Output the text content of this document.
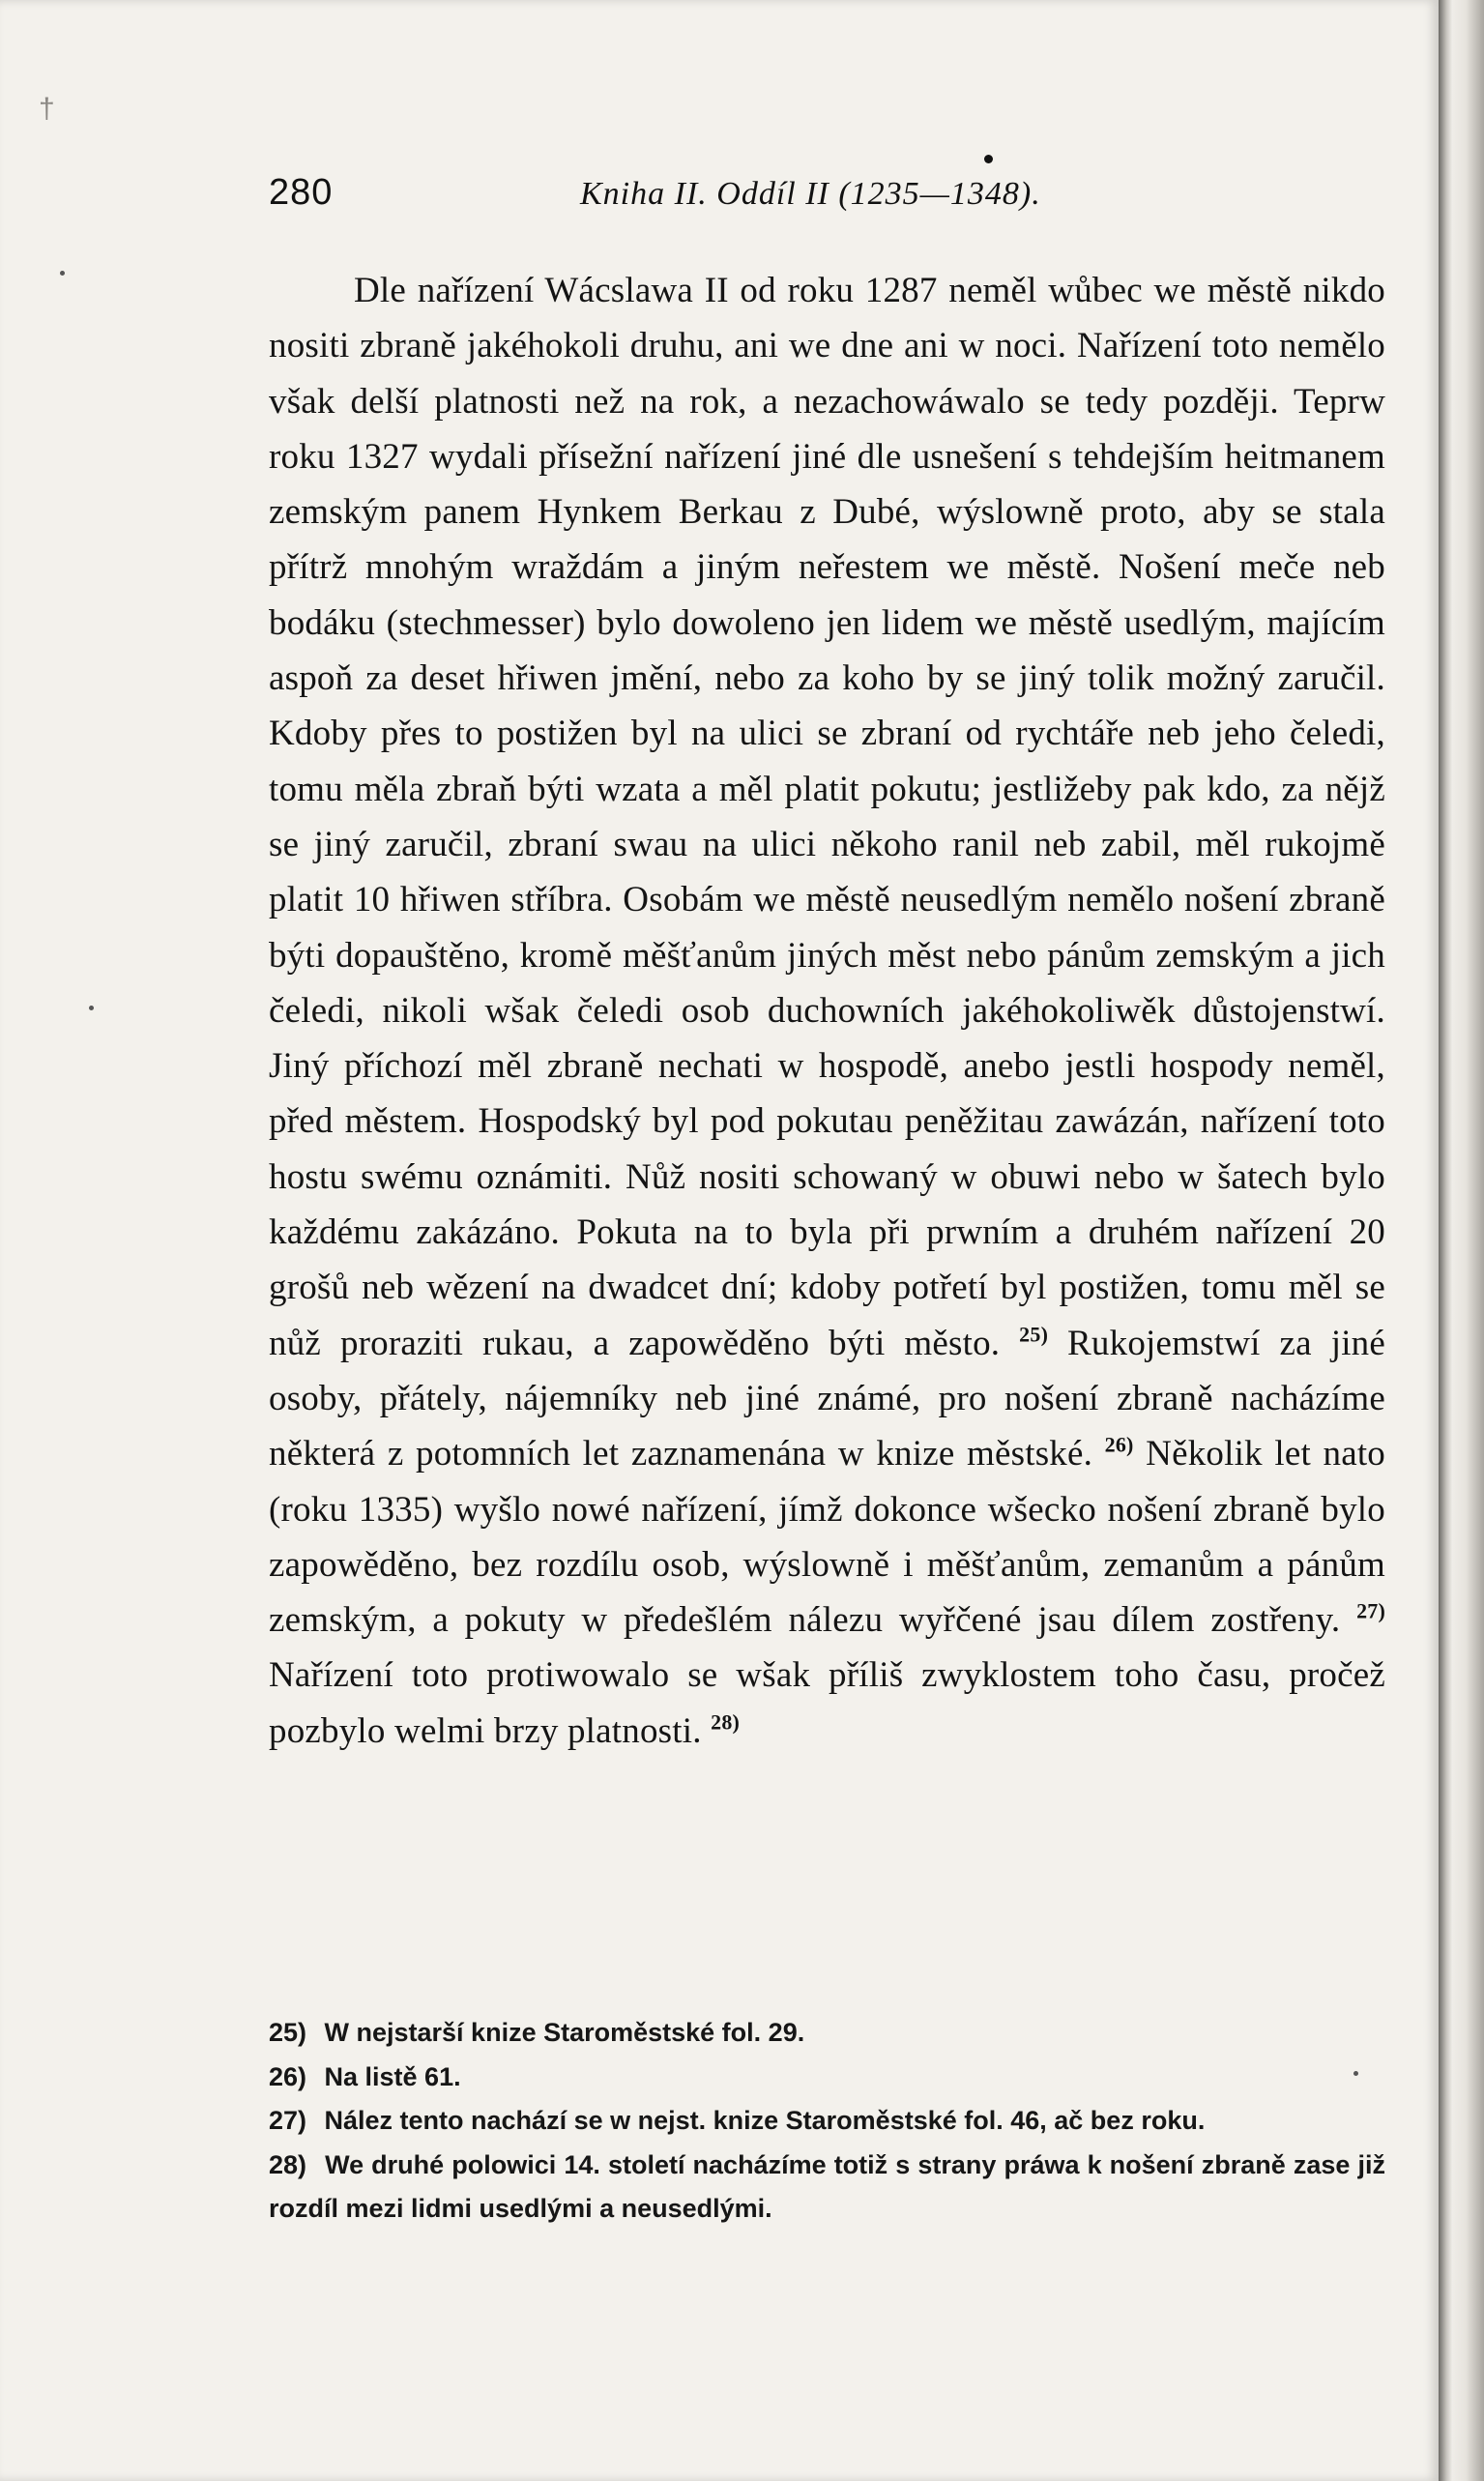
†
280	Kniha II. Oddíl II (1235—1348).

Dle nařízení Wácslawa II od roku 1287 neměl wůbec we městě nikdo nositi zbraně jakéhokoli druhu, ani we dne ani w noci. Nařízení toto nemělo však delší platnosti než na rok, a nezachowáwalo se tedy později. Teprw roku 1327 wydali přísežní nařízení jiné dle usnešení s tehdejším heitmanem zemským panem Hynkem Berkau z Dubé, wýslowně proto, aby se stala přítrž mnohým wraždám a jiným neřestem we městě. Nošení meče neb bodáku (stechmesser) bylo dowoleno jen lidem we městě usedlým, majícím aspoň za deset hřiwen jmění, nebo za koho by se jiný tolik možný zaručil. Kdoby přes to postižen byl na ulici se zbraní od rychtáře neb jeho čeledi, tomu měla zbraň býti wzata a měl platit pokutu; jestližeby pak kdo, za nějž se jiný zaručil, zbraní swau na ulici někoho ranil neb zabil, měl rukojmě platit 10 hřiwen stříbra. Osobám we městě neusedlým nemělo nošení zbraně býti dopauštěno, kromě měšťanům jiných měst nebo pánům zemským a jich čeledi, nikoli wšak čeledi osob duchowních jakéhokoliwěk důstojenstwí. Jiný příchozí měl zbraně nechati w hospodě, anebo jestli hospody neměl, před městem. Hospodský byl pod pokutau peněžitau zawázán, nařízení toto hostu swému oznámiti. Nůž nositi schowaný w obuwi nebo w šatech bylo každému zakázáno. Pokuta na to byla při prwním a druhém nařízení 20 grošů neb wězení na dwadcet dní; kdoby potřetí byl postižen, tomu měl se nůž proraziti rukau, a zapowěděno býti město. $^{25)}$ Rukojemstwí za jiné osoby, přátely, nájemníky neb jiné známé, pro nošení zbraně nacházíme některá z potomních let zaznamenána w knize městské. $^{26)}$ Několik let nato (roku 1335) wyšlo nowé nařízení, jímž dokonce wšecko nošení zbraně bylo zapowěděno, bez rozdílu osob, wýslowně i měšťanům, zemanům a pánům zemským, a pokuty w předešlém nálezu wyřčené jsau dílem zostřeny. $^{27)}$ Nařízení toto protiwowalo se wšak příliš zwyklostem toho času, pročež pozbylo welmi brzy platnosti. $^{28)}$

25) W nejstarší knize Staroměstské fol. 29.
26) Na listě 61.
27) Nález tento nachází se w nejst. knize Staroměstské fol. 46, ač bez roku.
28) We druhé polowici 14. století nacházíme totiž s strany práwa k nošení zbraně zase již rozdíl mezi lidmi usedlými a neusedlými.
